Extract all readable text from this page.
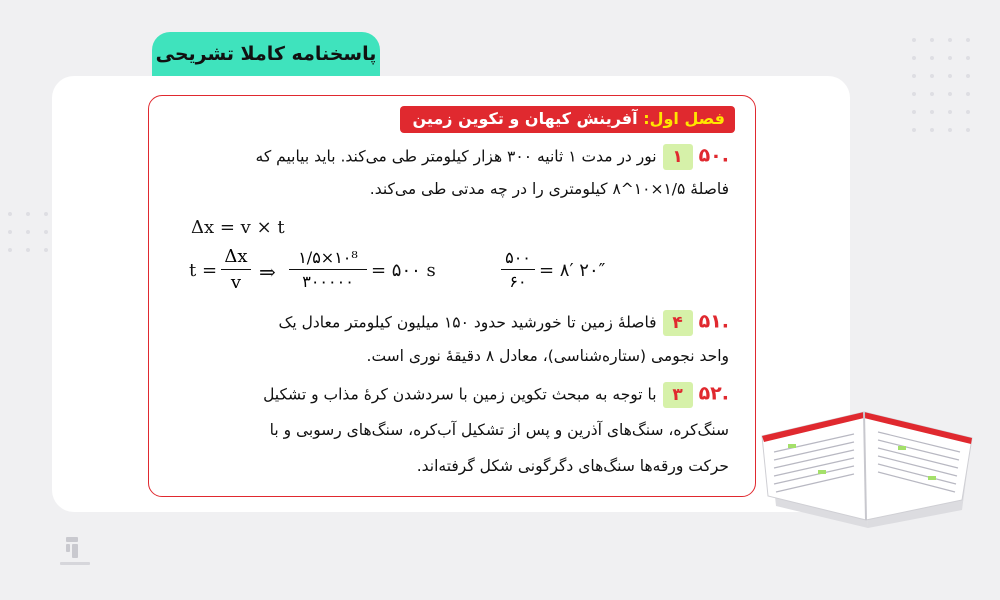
پاسخنامه کاملا تشریحی
فصل اول: آفرینش کیهان و تکوین زمین
.۵۰۱نور در مدت ۱ ثانیه ۳۰۰ هزار کیلومتر طی می‌کند. باید بیابیم که
فاصلهٔ ۱/۵×۱۰^۸ کیلومتری را در چه مدتی طی می‌کند.
Δx = v × t
t =
Δx
v ⇒
۱/۵×۱۰⁸
۳۰۰۰۰۰
= ۵۰۰ s
۵۰۰
۶۰
= ۸′ ۲۰″
.۵۱۴فاصلهٔ زمین تا خورشید حدود ۱۵۰ میلیون کیلومتر معادل یک
واحد نجومی (ستاره‌شناسی)، معادل ۸ دقیقهٔ نوری است.
.۵۲۳با توجه به مبحث تکوین زمین با سردشدن کرهٔ مذاب و تشکیل
سنگ‌کره، سنگ‌های آذرین و پس از تشکیل آب‌کره، سنگ‌های رسوبی و با
حرکت ورقه‌ها سنگ‌های دگرگونی شکل گرفته‌اند.
